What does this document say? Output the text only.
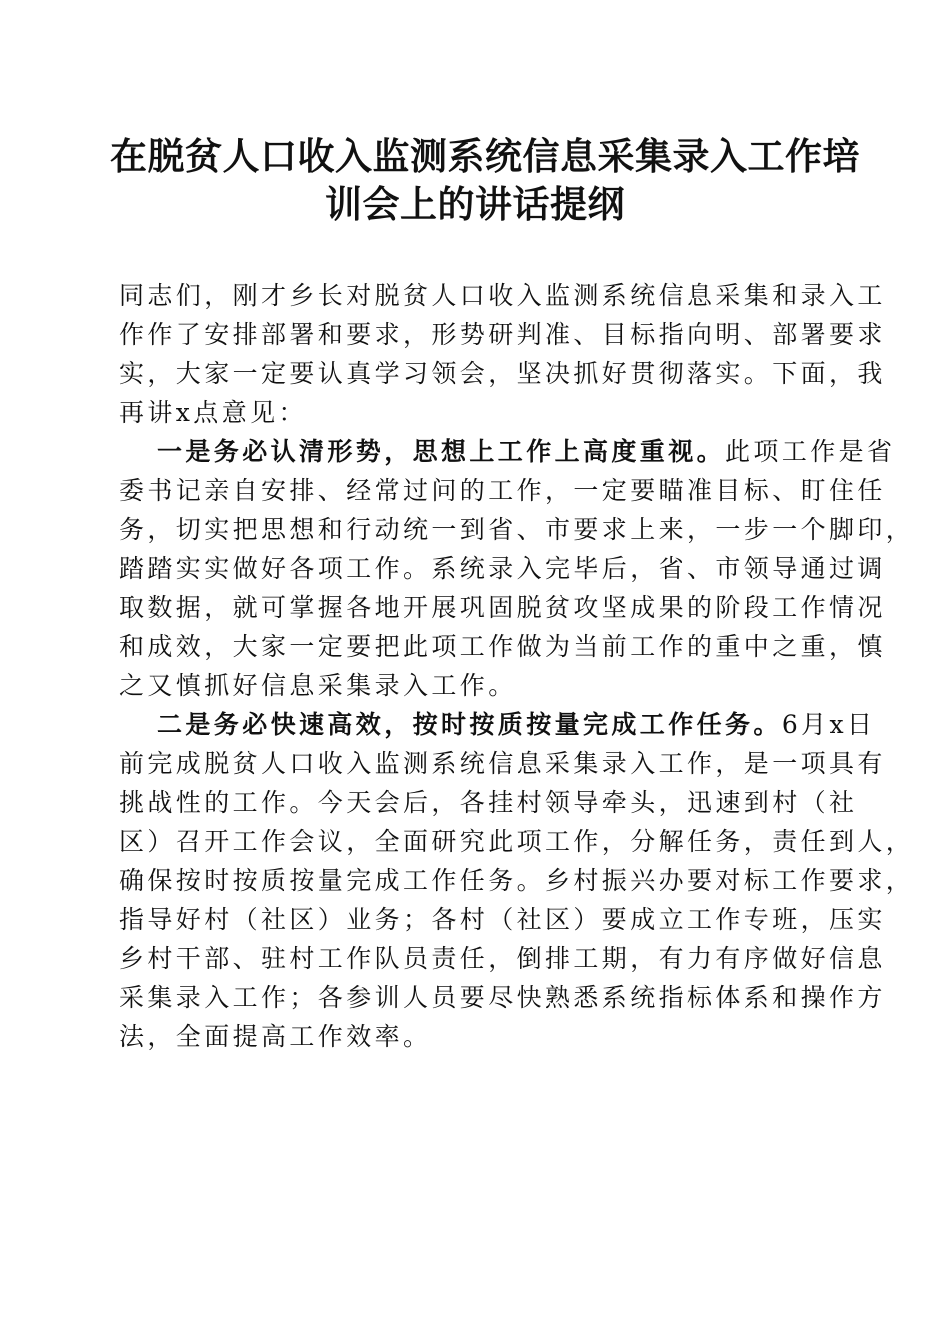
在脱贫人口收入监测系统信息采集录入工作培
训会上的讲话提纲
同志们，刚才乡长对脱贫人口收入监测系统信息采集和录入工
作作了安排部署和要求，形势研判准、目标指向明、部署要求
实，大家一定要认真学习领会，坚决抓好贯彻落实。下面，我
再讲x点意见：
一是务必认清形势，思想上工作上高度重视。此项工作是省
委书记亲自安排、经常过问的工作，一定要瞄准目标、盯住任
务，切实把思想和行动统一到省、市要求上来，一步一个脚印，
踏踏实实做好各项工作。系统录入完毕后，省、市领导通过调
取数据，就可掌握各地开展巩固脱贫攻坚成果的阶段工作情况
和成效，大家一定要把此项工作做为当前工作的重中之重，慎
之又慎抓好信息采集录入工作。
二是务必快速高效，按时按质按量完成工作任务。6月x日
前完成脱贫人口收入监测系统信息采集录入工作，是一项具有
挑战性的工作。今天会后，各挂村领导牵头，迅速到村（社
区）召开工作会议，全面研究此项工作，分解任务，责任到人，
确保按时按质按量完成工作任务。乡村振兴办要对标工作要求，
指导好村（社区）业务；各村（社区）要成立工作专班，压实
乡村干部、驻村工作队员责任，倒排工期，有力有序做好信息
采集录入工作；各参训人员要尽快熟悉系统指标体系和操作方
法，全面提高工作效率。
